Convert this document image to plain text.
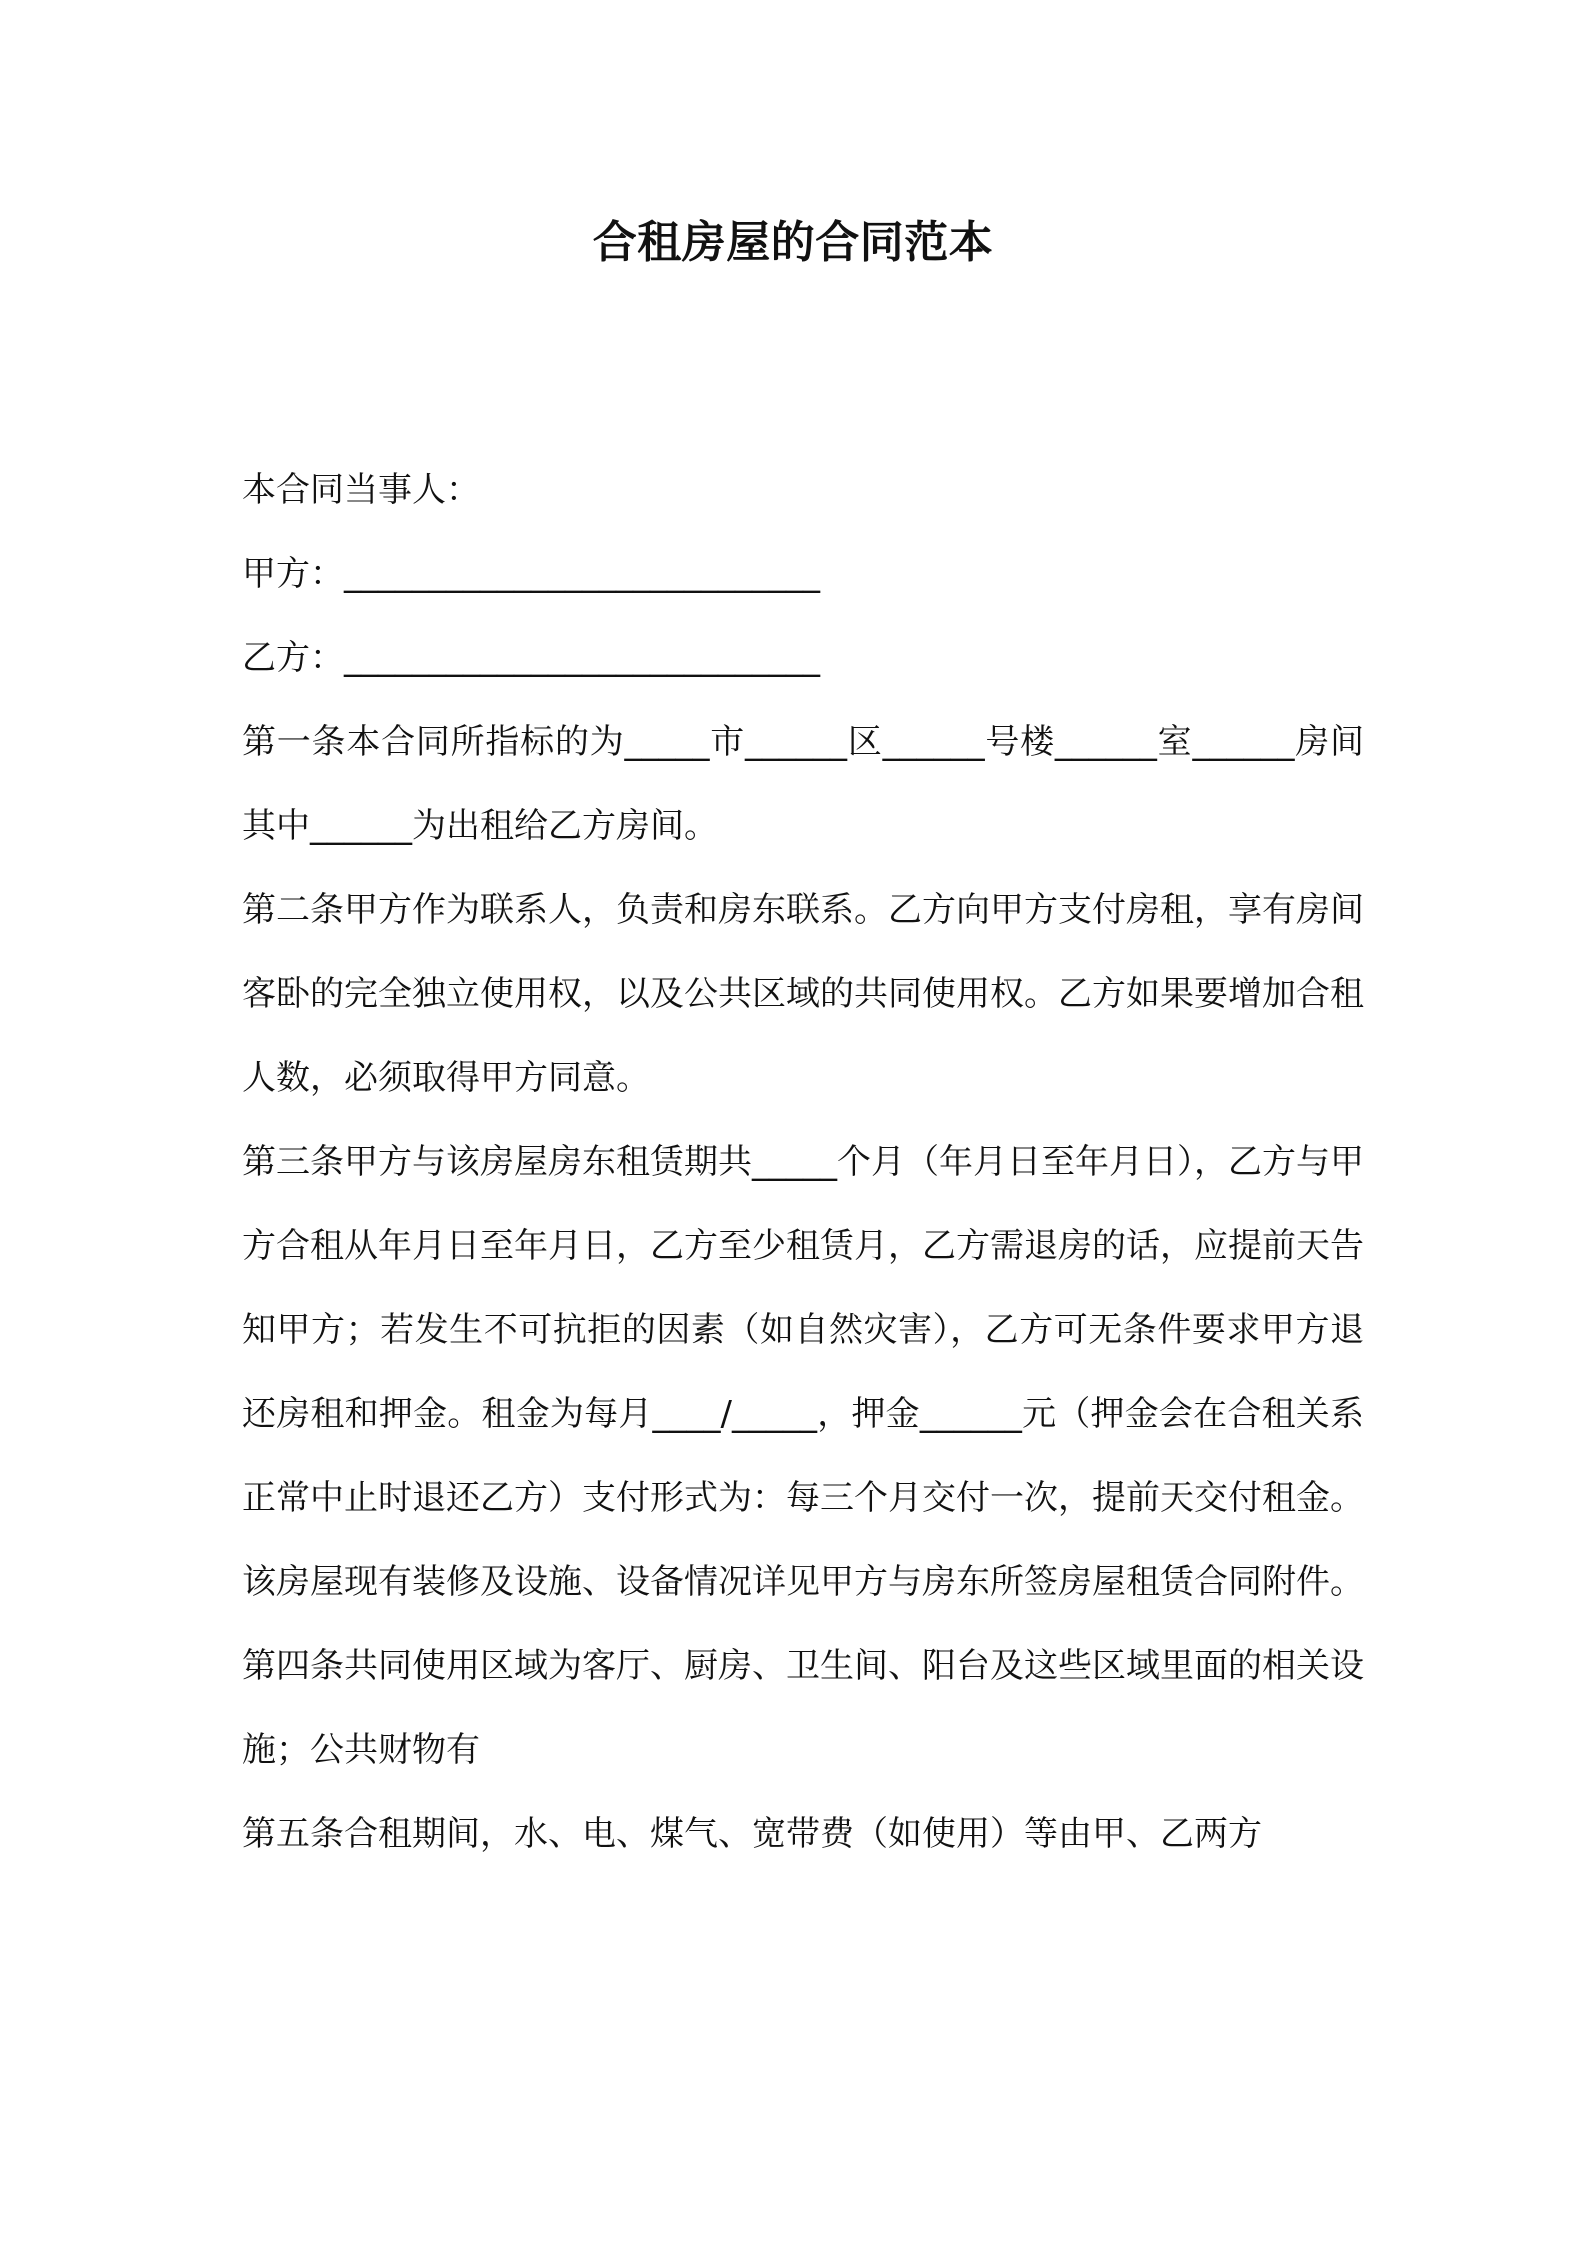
合租房屋的合同范本

本合同当事人：

甲方：____________________________

乙方：____________________________

第一条本合同所指标的为_____市______区______号楼______室______房间其中______为出租给乙方房间。

第二条甲方作为联系人，负责和房东联系。乙方向甲方支付房租，享有房间客卧的完全独立使用权，以及公共区域的共同使用权。乙方如果要增加合租人数，必须取得甲方同意。

第三条甲方与该房屋房东租赁期共_____个月（年月日至年月日），乙方与甲方合租从年月日至年月日，乙方至少租赁月，乙方需退房的话，应提前天告知甲方；若发生不可抗拒的因素（如自然灾害），乙方可无条件要求甲方退还房租和押金。租金为每月____/_____，押金______元（押金会在合租关系正常中止时退还乙方）支付形式为：每三个月交付一次，提前天交付租金。

该房屋现有装修及设施、设备情况详见甲方与房东所签房屋租赁合同附件。

第四条共同使用区域为客厅、厨房、卫生间、阳台及这些区域里面的相关设施；公共财物有

第五条合租期间，水、电、煤气、宽带费（如使用）等由甲、乙两方
